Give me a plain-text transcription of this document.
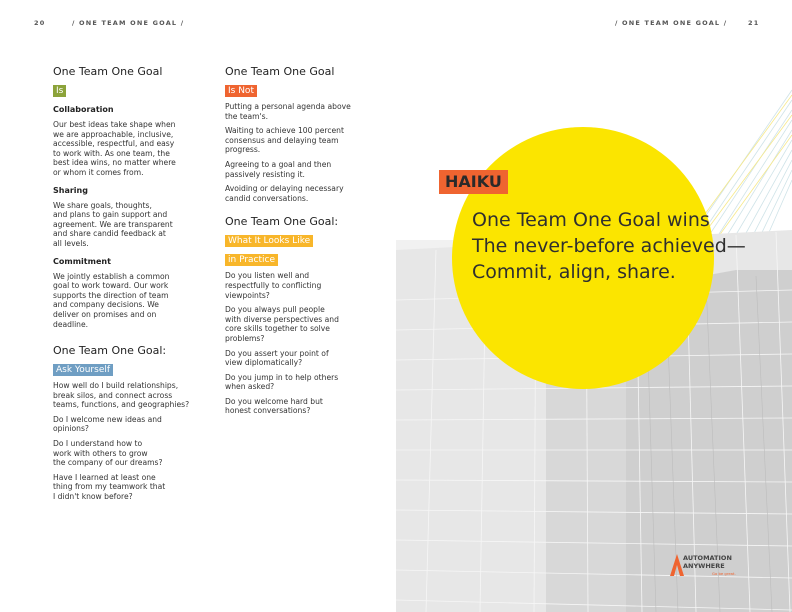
20	/ ONE TEAM ONE GOAL /
One Team One Goal
Is
Collaboration
Our best ideas take shape when
we are approachable, inclusive,
accessible, respectful, and easy
to work with. As one team, the
best idea wins, no matter where
or whom it comes from.
Sharing
We share goals, thoughts,
and plans to gain support and
agreement. We are transparent
and share candid feedback at
all levels.
Commitment
We jointly establish a common
goal to work toward. Our work
supports the direction of team
and company decisions. We
deliver on promises and on
deadline.
One Team One Goal:
Ask Yourself
How well do I build relationships,
break silos, and connect across
teams, functions, and geographies?
Do I welcome new ideas and
opinions?
Do I understand how to
work with others to grow
the company of our dreams?
Have I learned at least one
thing from my teamwork that
I didn't know before?
One Team One Goal
Is Not
Putting a personal agenda above
the team's.
Waiting to achieve 100 percent
consensus and delaying team
progress.
Agreeing to a goal and then
passively resisting it.
Avoiding or delaying necessary
candid conversations.
One Team One Goal:
What It Looks Like
in Practice
Do you listen well and
respectfully to conflicting
viewpoints?
Do you always pull people
with diverse perspectives and
core skills together to solve
problems?
Do you assert your point of
view diplomatically?
Do you jump in to help others
when asked?
Do you welcome hard but
honest conversations?
/ ONE TEAM ONE GOAL /	21
HAIKU
One Team One Goal wins
The never-before achieved—
Commit, align, share.
AUTOMATION
ANYWHERE
Go be great.
